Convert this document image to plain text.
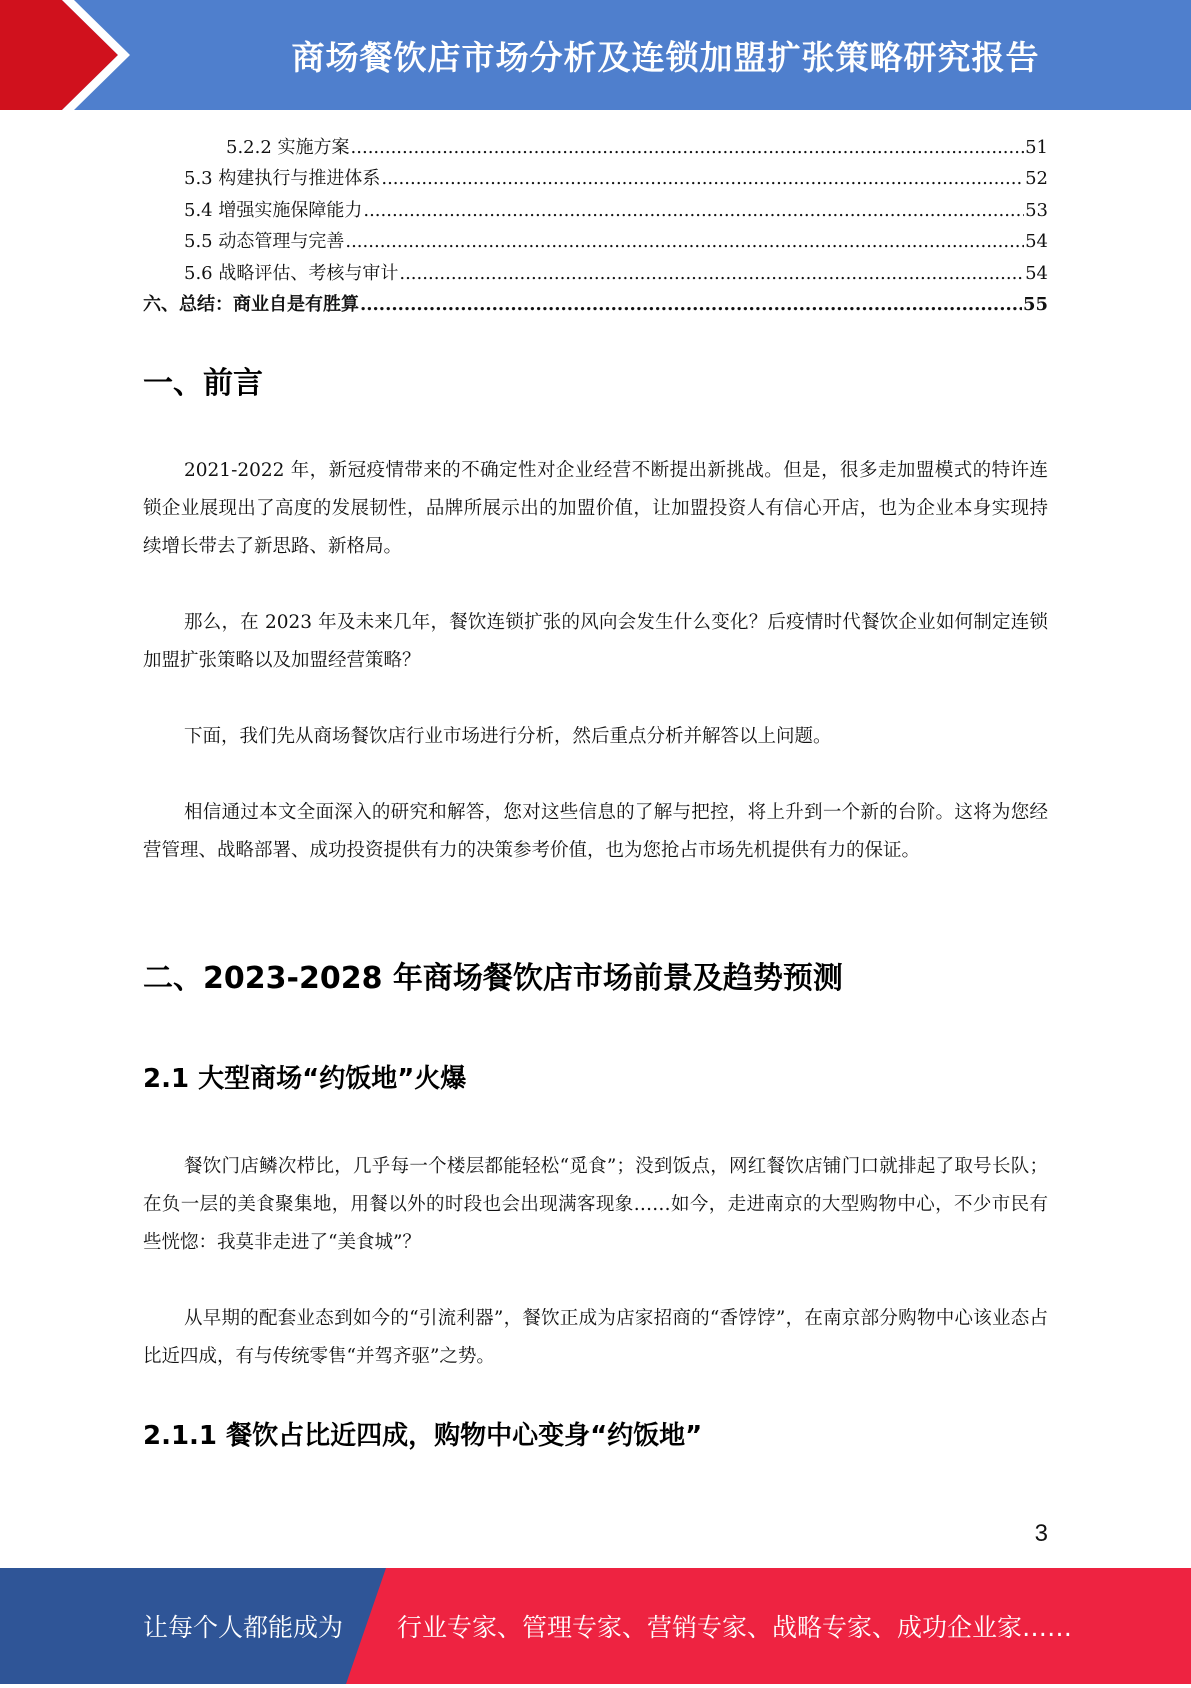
商场餐饮店市场分析及连锁加盟扩张策略研究报告
5.2.2 实施方案 .....	51
5.3 构建执行与推进体系 .....	52
5.4 增强实施保障能力 .....	53
5.5 动态管理与完善 .....	54
5.6 战略评估、考核与审计 .....	54
六、总结：商业自是有胜算 .....	55
一、前言
2021-2022 年，新冠疫情带来的不确定性对企业经营不断提出新挑战。但是，很多走加盟模式的特许连锁企业展现出了高度的发展韧性，品牌所展示出的加盟价值，让加盟投资人有信心开店，也为企业本身实现持续增长带去了新思路、新格局。
那么，在 2023 年及未来几年，餐饮连锁扩张的风向会发生什么变化？后疫情时代餐饮企业如何制定连锁加盟扩张策略以及加盟经营策略？
下面，我们先从商场餐饮店行业市场进行分析，然后重点分析并解答以上问题。
相信通过本文全面深入的研究和解答，您对这些信息的了解与把控，将上升到一个新的台阶。这将为您经营管理、战略部署、成功投资提供有力的决策参考价值，也为您抢占市场先机提供有力的保证。
二、2023-2028 年商场餐饮店市场前景及趋势预测
2.1 大型商场“约饭地”火爆
餐饮门店鳞次栉比，几乎每一个楼层都能轻松“觅食”；没到饭点，网红餐饮店铺门口就排起了取号长队；在负一层的美食聚集地，用餐以外的时段也会出现满客现象……如今，走进南京的大型购物中心，不少市民有些恍惚：我莫非走进了“美食城”？
从早期的配套业态到如今的“引流利器”，餐饮正成为店家招商的“香饽饽”，在南京部分购物中心该业态占比近四成，有与传统零售“并驾齐驱”之势。
2.1.1 餐饮占比近四成，购物中心变身“约饭地”
3
让每个人都能成为 行业专家、管理专家、营销专家、战略专家、成功企业家……
